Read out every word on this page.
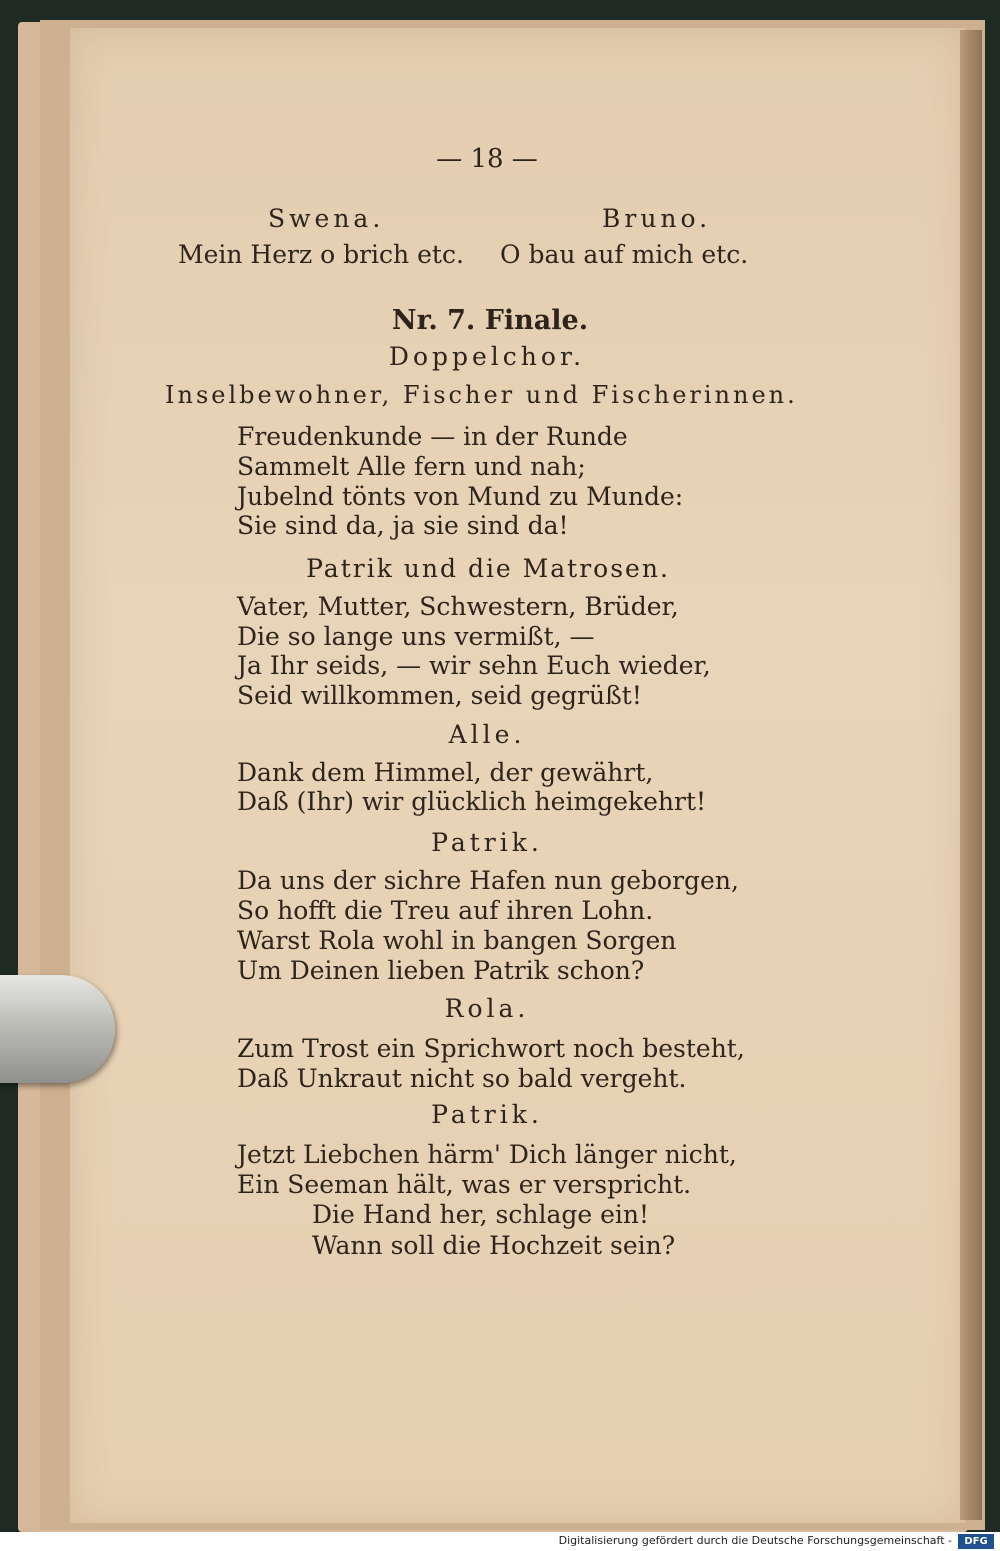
— 18 —
Swena.	Bruno.
Mein Herz o brich etc. O bau auf mich etc.
Nr. 7. Finale.
Doppelchor.
Inselbewohner, Fischer und Fischerinnen.
Freudenkunde — in der Runde
Sammelt Alle fern und nah;
Jubelnd tönts von Mund zu Munde:
Sie sind da, ja sie sind da!
Patrik und die Matrosen.
Vater, Mutter, Schwestern, Brüder,
Die so lange uns vermißt, —
Ja Ihr seids, — wir sehn Euch wieder,
Seid willkommen, seid gegrüßt!
Alle.
Dank dem Himmel, der gewährt,
Daß (Ihr) wir glücklich heimgekehrt!
Patrik.
Da uns der sichre Hafen nun geborgen,
So hofft die Treu auf ihren Lohn.
Warst Rola wohl in bangen Sorgen
Um Deinen lieben Patrik schon?
Rola.
Zum Trost ein Sprichwort noch besteht,
Daß Unkraut nicht so bald vergeht.
Patrik.
Jetzt Liebchen härm' Dich länger nicht,
Ein Seeman hält, was er verspricht.
Die Hand her, schlage ein!
Wann soll die Hochzeit sein?
Digitalisierung gefördert durch die Deutsche Forschungsgemeinschaft -	DFG
